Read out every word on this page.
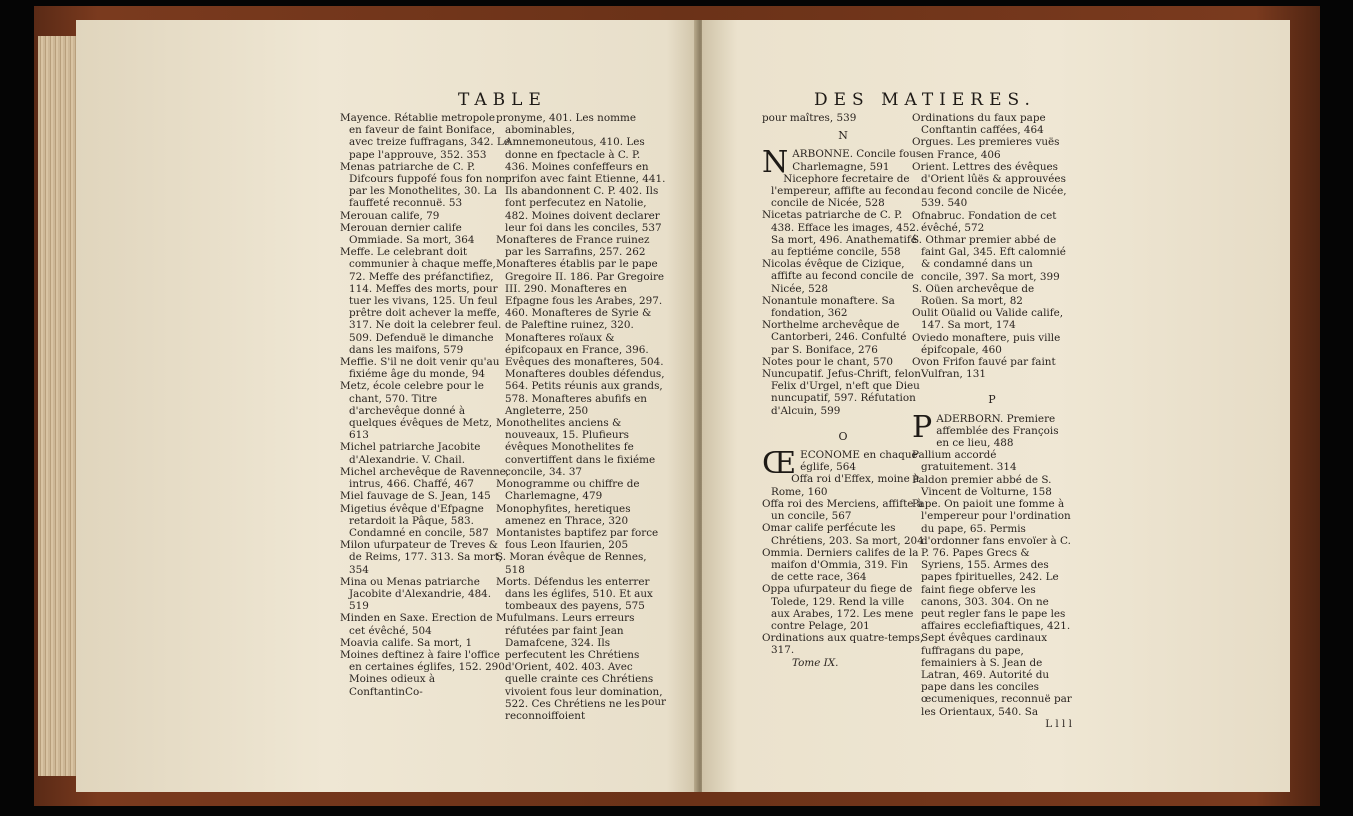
TABLE

Mayence. Rétablie metropole en faveur de faint Boniface, avec treize fuffragans, 342. Le pape l'approuve, 352. 353

Menas patriarche de C. P. Difcours fuppofé fous fon nom par les Monothelites, 30. La fauffeté reconnuë. 53

Merouan calife, 79

Merouan dernier calife Ommiade. Sa mort, 364

Meffe. Le celebrant doit communier à chaque meffe, 72. Meffe des préfanctifiez, 114. Meffes des morts, pour tuer les vivans, 125. Un feul prêtre doit achever la meffe, 317. Ne doit la celebrer feul. 509. Defenduë le dimanche dans les maifons, 579

Meffie. S'il ne doit venir qu'au fixiéme âge du monde, 94

Metz, école celebre pour le chant, 570. Titre d'archevêque donné à quelques évêques de Metz, 613

Michel patriarche Jacobite d'Alexandrie. V. Chail.

Michel archevêque de Ravenne, intrus, 466. Chaffé, 467

Miel fauvage de S. Jean, 145

Migetius évêque d'Efpagne retardoit la Pâque, 583. Condamné en concile, 587

Milon ufurpateur de Treves & de Reims, 177. 313. Sa mort, 354

Mina ou Menas patriarche Jacobite d'Alexandrie, 484. 519

Minden en Saxe. Erection de cet évêché, 504

Moavia calife. Sa mort, 1

Moines deftinez à faire l'office en certaines églifes, 152. 290. Moines odieux à ConftantinCo-

pronyme, 401. Les nomme abominables, Amnemoneutous, 410. Les donne en fpectacle à C. P. 436. Moines confeffeurs en prifon avec faint Etienne, 441. Ils abandonnent C. P. 402. Ils font perfecutez en Natolie, 482. Moines doivent declarer leur foi dans les conciles, 537

Monafteres de France ruinez par les Sarrafins, 257. 262

Monafteres établis par le pape Gregoire II. 186. Par Gregoire III. 290. Monafteres en Efpagne fous les Arabes, 297. 460. Monafteres de Syrie & de Paleftine ruinez, 320. Monafteres roïaux & épifcopaux en France, 396. Evêques des monafteres, 504. Monafteres doubles défendus, 564. Petits réunis aux grands, 578. Monafteres abufifs en Angleterre, 250

Monothelites anciens & nouveaux, 15. Plufieurs évêques Monothelites fe convertiffent dans le fixiéme concile, 34. 37

Monogramme ou chiffre de Charlemagne, 479

Monophyfites, heretiques amenez en Thrace, 320

Montanistes baptifez par force fous Leon Ifaurien, 205

S. Moran évêque de Rennes, 518

Morts. Défendus les enterrer dans les églifes, 510. Et aux tombeaux des payens, 575

Mufulmans. Leurs erreurs réfutées par faint Jean Damafcene, 324. Ils perfecutent les Chrétiens d'Orient, 402. 403. Avec quelle crainte ces Chrétiens vivoient fous leur domination, 522. Ces Chrétiens ne les reconnoiffoient

pour

DES MATIERES.

pour maîtres, 539

N

NARBONNE. Concile fous Charlemagne, 591

Nicephore fecretaire de l'empereur, affifte au fecond concile de Nicée, 528

Nicetas patriarche de C. P. 438. Efface les images, 452. Sa mort, 496. Anathematifé au feptiéme concile, 558

Nicolas évêque de Cizique, affifte au fecond concile de Nicée, 528

Nonantule monaftere. Sa fondation, 362

Northelme archevêque de Cantorberi, 246. Confulté par S. Boniface, 276

Notes pour le chant, 570

Nuncupatif. Jefus-Chrift, felon Felix d'Urgel, n'eft que Dieu nuncupatif, 597. Réfutation d'Alcuin, 599

O

ŒECONOME en chaque églife, 564

Offa roi d'Effex, moine à Rome, 160

Offa roi des Merciens, affifte à un concile, 567

Omar calife perfécute les Chrétiens, 203. Sa mort, 204

Ommia. Derniers califes de la maifon d'Ommia, 319. Fin de cette race, 364

Oppa ufurpateur du fiege de Tolede, 129. Rend la ville aux Arabes, 172. Les mene contre Pelage, 201

Ordinations aux quatre-temps, 317.

Tome IX.

Ordinations du faux pape Conftantin caffées, 464

Orgues. Les premieres vuës en France, 406

Orient. Lettres des évêques d'Orient lûës & approuvées au fecond concile de Nicée, 539. 540

Ofnabruc. Fondation de cet évêché, 572

S. Othmar premier abbé de faint Gal, 345. Eft calomnié & condamné dans un concile, 397. Sa mort, 399

S. Oüen archevêque de Roüen. Sa mort, 82

Oulit Oüalid ou Valide calife, 147. Sa mort, 174

Oviedo monaftere, puis ville épifcopale, 460

Ovon Frifon fauvé par faint Vulfran, 131

P

PADERBORN. Premiere affemblée des François en ce lieu, 488

Pallium accordé gratuitement. 314

Paldon premier abbé de S. Vincent de Volturne, 158

Pape. On paioit une fomme à l'empereur pour l'ordination du pape, 65. Permis d'ordonner fans envoïer à C. P. 76. Papes Grecs & Syriens, 155. Armes des papes fpirituelles, 242. Le faint fiege obferve les canons, 303. 304. On ne peut regler fans le pape les affaires ecclefiaftiques, 421. Sept évêques cardinaux fuffragans du pape, femainiers à S. Jean de Latran, 469. Autorité du pape dans les conciles œcumeniques, reconnuë par les Orientaux, 540. Sa

L l l l
